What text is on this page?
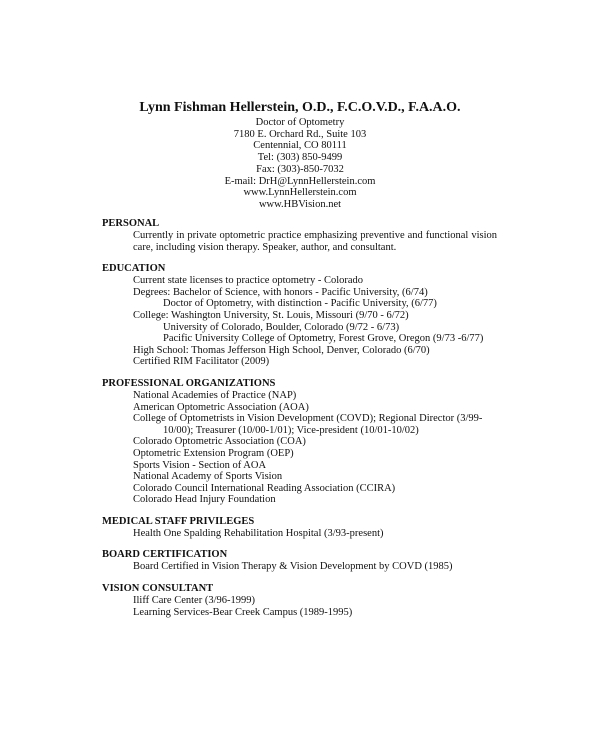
Lynn Fishman Hellerstein, O.D., F.C.O.V.D., F.A.A.O.

Doctor of Optometry

7180 E. Orchard Rd., Suite 103

Centennial, CO 80111

Tel: (303) 850-9499

Fax: (303)-850-7032

E-mail: DrH@LynnHellerstein.com

www.LynnHellerstein.com

www.HBVision.net

PERSONAL

Currently in private optometric practice emphasizing preventive and functional vision care, including vision therapy. Speaker, author, and consultant.

EDUCATION

Current state licenses to practice optometry - Colorado

Degrees: Bachelor of Science, with honors - Pacific University, (6/74)

Doctor of Optometry, with distinction - Pacific University, (6/77)

College: Washington University, St. Louis, Missouri (9/70 - 6/72)

University of Colorado, Boulder, Colorado (9/72 - 6/73)

Pacific University College of Optometry, Forest Grove, Oregon (9/73 -6/77)

High School: Thomas Jefferson High School, Denver, Colorado (6/70)

Certified RIM Facilitator (2009)

PROFESSIONAL ORGANIZATIONS

National Academies of Practice (NAP)

American Optometric Association (AOA)

College of Optometrists in Vision Development (COVD); Regional Director (3/99-

10/00); Treasurer (10/00-1/01); Vice-president (10/01-10/02)

Colorado Optometric Association (COA)

Optometric Extension Program (OEP)

Sports Vision - Section of AOA

National Academy of Sports Vision

Colorado Council International Reading Association (CCIRA)

Colorado Head Injury Foundation

MEDICAL STAFF PRIVILEGES

Health One Spalding Rehabilitation Hospital (3/93-present)

BOARD CERTIFICATION

Board Certified in Vision Therapy & Vision Development by COVD (1985)

VISION CONSULTANT

Iliff Care Center (3/96-1999)

Learning Services-Bear Creek Campus (1989-1995)
